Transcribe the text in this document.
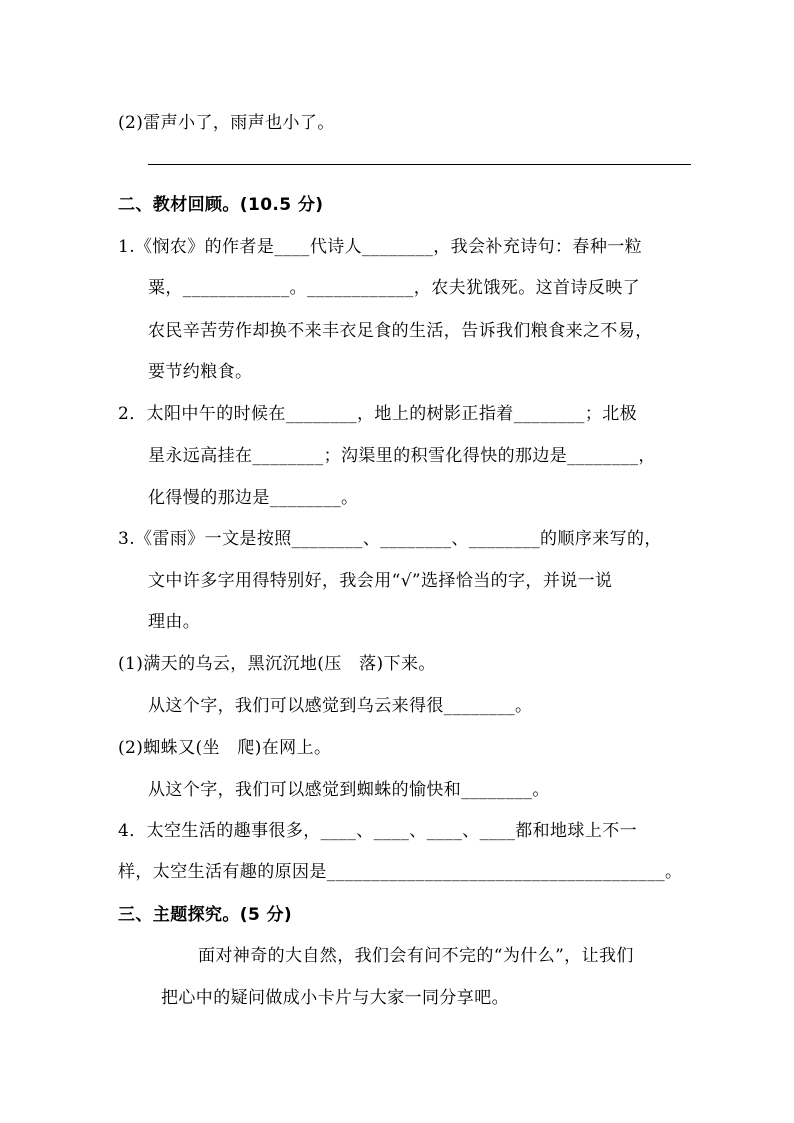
(2)雷声小了，雨声也小了。
二、教材回顾。(10.5 分)
1.《悯农》的作者是____代诗人________，我会补充诗句：春种一粒
粟，____________。____________，农夫犹饿死。这首诗反映了
农民辛苦劳作却换不来丰衣足食的生活，告诉我们粮食来之不易，
要节约粮食。
2．太阳中午的时候在________，地上的树影正指着________；北极
星永远高挂在________；沟渠里的积雪化得快的那边是________，
化得慢的那边是________。
3.《雷雨》一文是按照________、________、________的顺序来写的，
文中许多字用得特别好，我会用“√”选择恰当的字，并说一说
理由。
(1)满天的乌云，黑沉沉地(压　落)下来。
从这个字，我们可以感觉到乌云来得很________。
(2)蜘蛛又(坐　爬)在网上。
从这个字，我们可以感觉到蜘蛛的愉快和________。
4．太空生活的趣事很多，____、____、____、____都和地球上不一
样，太空生活有趣的原因是______________________________________。
三、主题探究。(5 分)
面对神奇的大自然，我们会有问不完的“为什么”，让我们
把心中的疑问做成小卡片与大家一同分享吧。
